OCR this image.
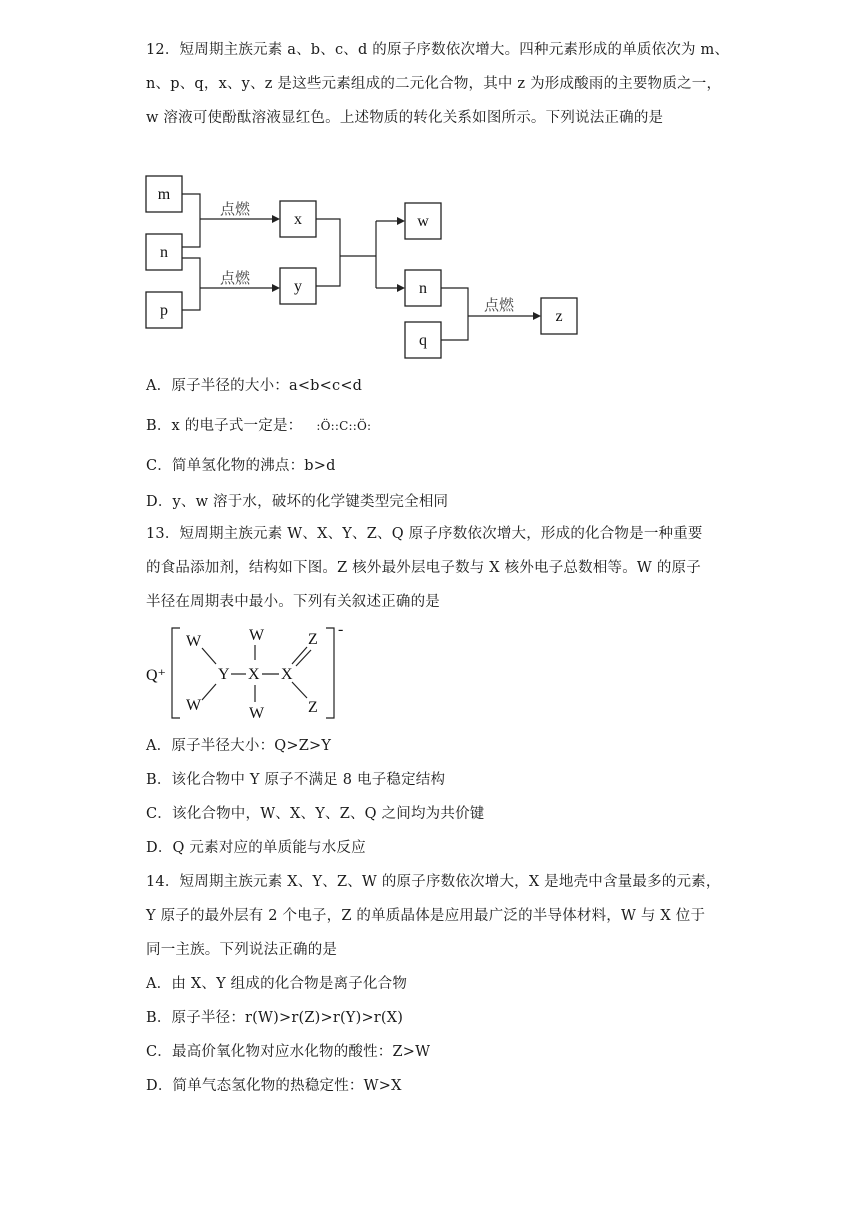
12．短周期主族元素 a、b、c、d 的原子序数依次增大。四种元素形成的单质依次为 m、
n、p、q，x、y、z 是这些元素组成的二元化合物，其中 z 为形成酸雨的主要物质之一，
w 溶液可使酚酞溶液显红色。上述物质的转化关系如图所示。下列说法正确的是
m
n
p
点燃
点燃
x
y
w
n
q
点燃
z
A．原子半径的大小：a<b<c<d
B．x 的电子式一定是： :Ö::C::Ö:
C．简单氢化物的沸点：b>d
D．y、w 溶于水，破坏的化学键类型完全相同
13．短周期主族元素 W、X、Y、Z、Q 原子序数依次增大，形成的化合物是一种重要
的食品添加剂，结构如下图。Z 核外最外层电子数与 X 核外电子总数相等。W 的原子
半径在周期表中最小。下列有关叙述正确的是
Q⁺
-
W
W
Y X
W
W
X
Z
Z
A．原子半径大小：Q>Z>Y
B．该化合物中 Y 原子不满足 8 电子稳定结构
C．该化合物中，W、X、Y、Z、Q 之间均为共价键
D．Q 元素对应的单质能与水反应
14．短周期主族元素 X、Y、Z、W 的原子序数依次增大，X 是地壳中含量最多的元素，
Y 原子的最外层有 2 个电子，Z 的单质晶体是应用最广泛的半导体材料，W 与 X 位于
同一主族。下列说法正确的是
A．由 X、Y 组成的化合物是离子化合物
B．原子半径：r(W)>r(Z)>r(Y)>r(X)
C．最高价氧化物对应水化物的酸性：Z>W
D．简单气态氢化物的热稳定性：W>X
